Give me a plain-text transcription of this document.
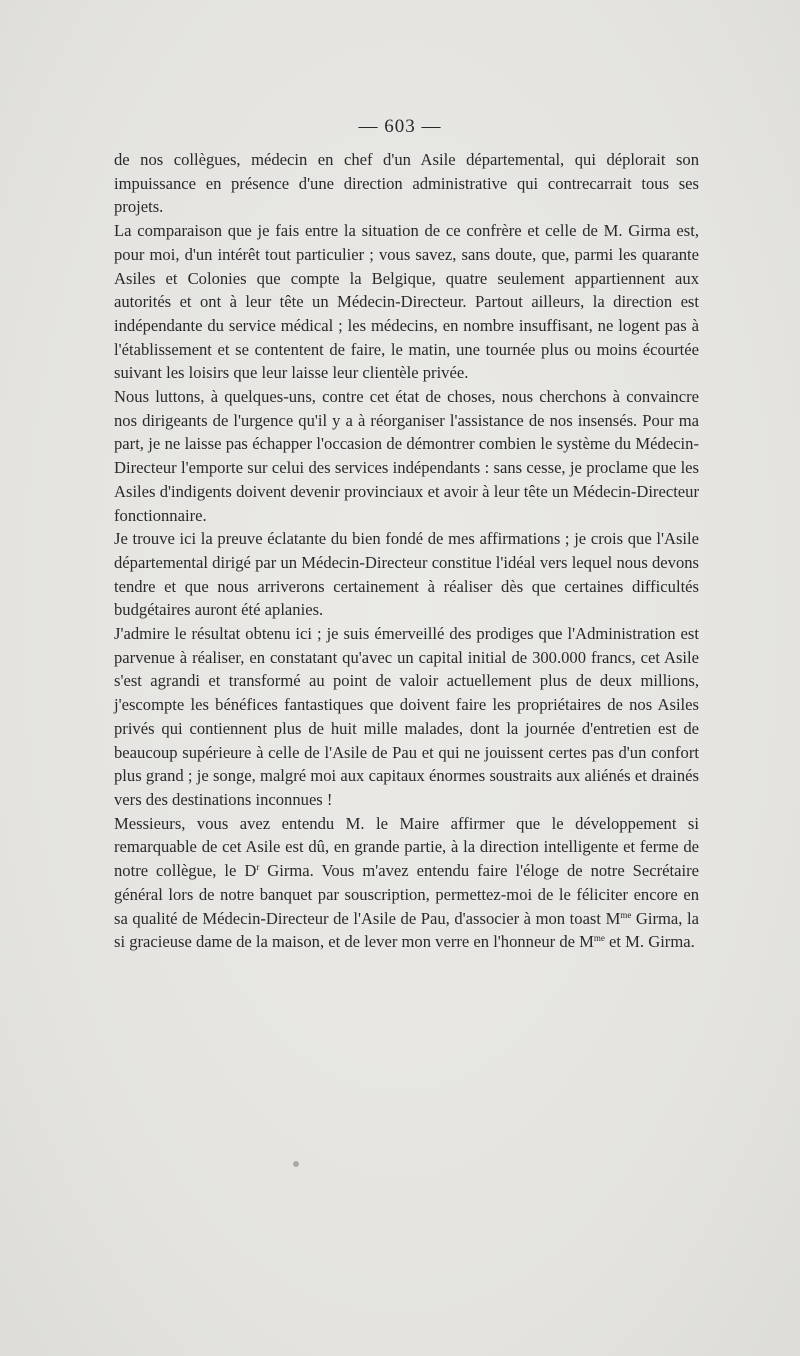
— 603 —

de nos collègues, médecin en chef d'un Asile départemental, qui déplorait son impuissance en présence d'une direction administrative qui contrecarrait tous ses projets.

La comparaison que je fais entre la situation de ce confrère et celle de M. Girma est, pour moi, d'un intérêt tout particulier ; vous savez, sans doute, que, parmi les quarante Asiles et Colonies que compte la Belgique, quatre seulement appartiennent aux autorités et ont à leur tête un Médecin-Directeur. Partout ailleurs, la direction est indépendante du service médical ; les médecins, en nombre insuffisant, ne logent pas à l'établissement et se contentent de faire, le matin, une tournée plus ou moins écourtée suivant les loisirs que leur laisse leur clientèle privée.

Nous luttons, à quelques-uns, contre cet état de choses, nous cherchons à convaincre nos dirigeants de l'urgence qu'il y a à réorganiser l'assistance de nos insensés. Pour ma part, je ne laisse pas échapper l'occasion de démontrer combien le système du Médecin-Directeur l'emporte sur celui des services indépendants : sans cesse, je proclame que les Asiles d'indigents doivent devenir provinciaux et avoir à leur tête un Médecin-Directeur fonctionnaire.

Je trouve ici la preuve éclatante du bien fondé de mes affirmations ; je crois que l'Asile départemental dirigé par un Médecin-Directeur constitue l'idéal vers lequel nous devons tendre et que nous arriverons certainement à réaliser dès que certaines difficultés budgétaires auront été aplanies.

J'admire le résultat obtenu ici ; je suis émerveillé des prodiges que l'Administration est parvenue à réaliser, en constatant qu'avec un capital initial de 300.000 francs, cet Asile s'est agrandi et transformé au point de valoir actuellement plus de deux millions, j'escompte les bénéfices fantastiques que doivent faire les propriétaires de nos Asiles privés qui contiennent plus de huit mille malades, dont la journée d'entretien est de beaucoup supérieure à celle de l'Asile de Pau et qui ne jouissent certes pas d'un confort plus grand ; je songe, malgré moi aux capitaux énormes soustraits aux aliénés et drainés vers des destinations inconnues !

Messieurs, vous avez entendu M. le Maire affirmer que le développement si remarquable de cet Asile est dû, en grande partie, à la direction intelligente et ferme de notre collègue, le $D^r$ Girma. Vous m'avez entendu faire l'éloge de notre Secrétaire général lors de notre banquet par souscription, permettez-moi de le féliciter encore en sa qualité de Médecin-Directeur de l'Asile de Pau, d'associer à mon toast $M^{me}$ Girma, la si gracieuse dame de la maison, et de lever mon verre en l'honneur de $M^{me}$ et M. Girma.
